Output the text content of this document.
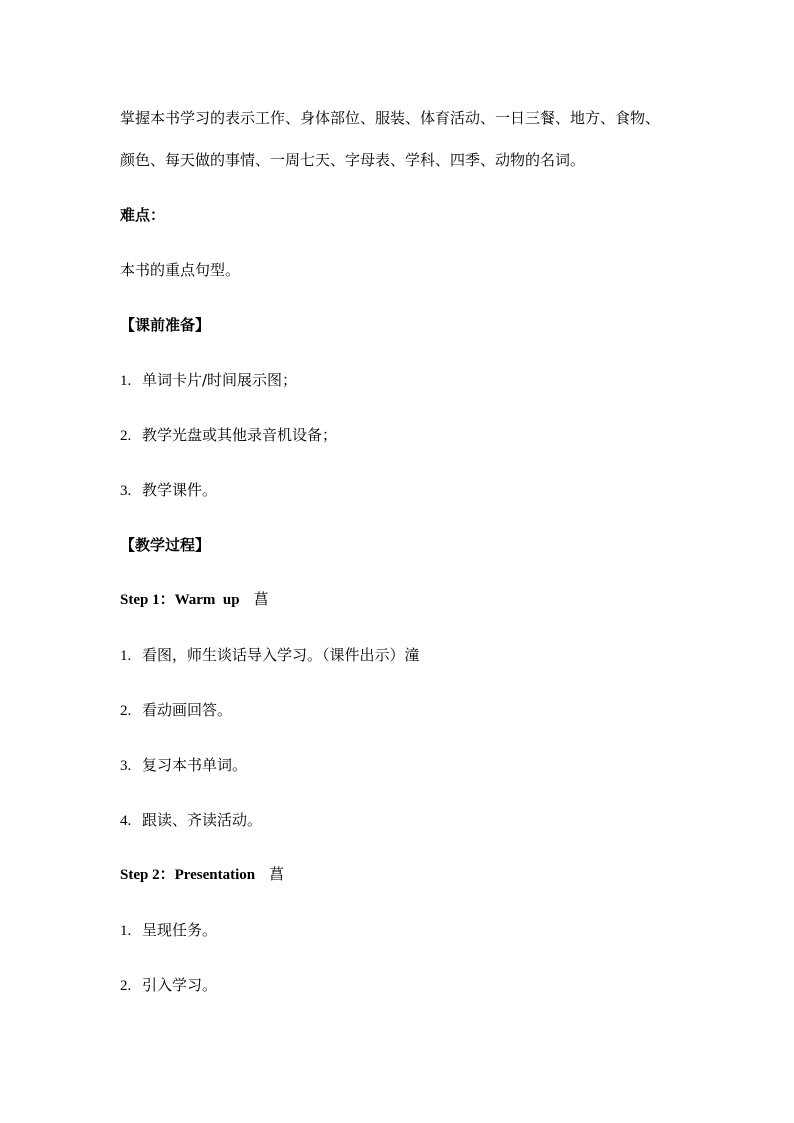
掌握本书学习的表示工作、身体部位、服装、体育活动、一日三餐、地方、食物、
颜色、每天做的事情、一周七天、字母表、学科、四季、动物的名词。
难点：
本书的重点句型。
【课前准备】
1. 单词卡片/时间展示图；
2. 教学光盘或其他录音机设备；
3. 教学课件。
【教学过程】
Step 1：Warm  up 菖
1. 看图，师生谈话导入学习。（课件出示）潼
2. 看动画回答。
3. 复习本书单词。
4. 跟读、齐读活动。
Step 2：Presentation 菖
1. 呈现任务。
2. 引入学习。
